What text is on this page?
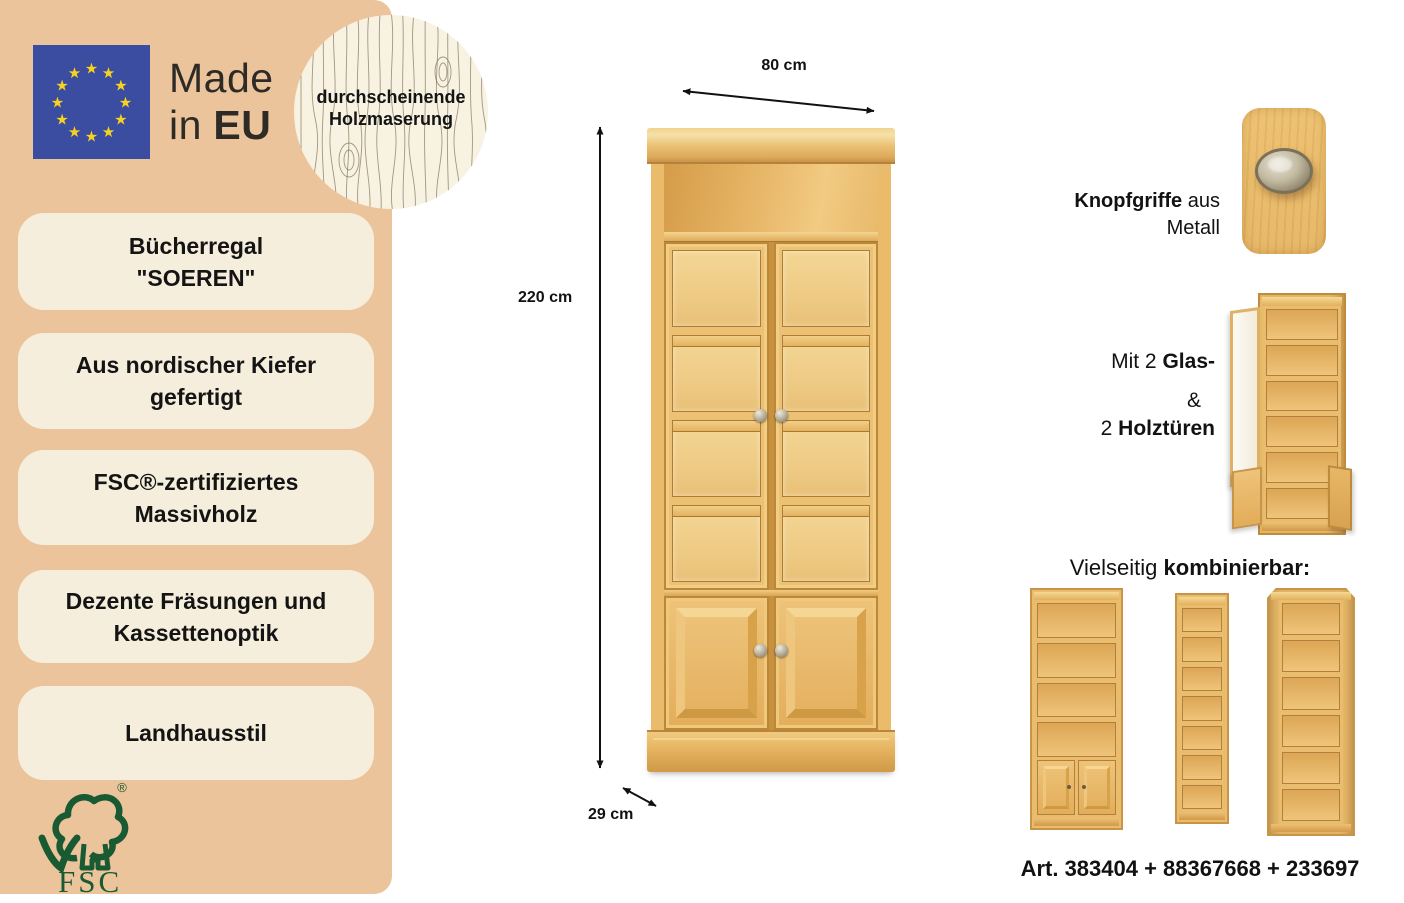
★ ★
★
★
★
★
★
★
★
★
★
★ Made
in EU
Bücherregal
"SOEREN"
Aus nordischer Kiefer
gefertigt
FSC®-zertifiziertes
Massivholz
Dezente Fräsungen und
Kassettenoptik
Landhausstil
®
FSC
durchscheinende
Holzmaserung
80 cm
220 cm
29 cm
Knopfgriffe aus
Metall
Mit 2 Glas-
&
2 Holztüren
Vielseitig kombinierbar:
Art. 383404 + 88367668 + 233697
